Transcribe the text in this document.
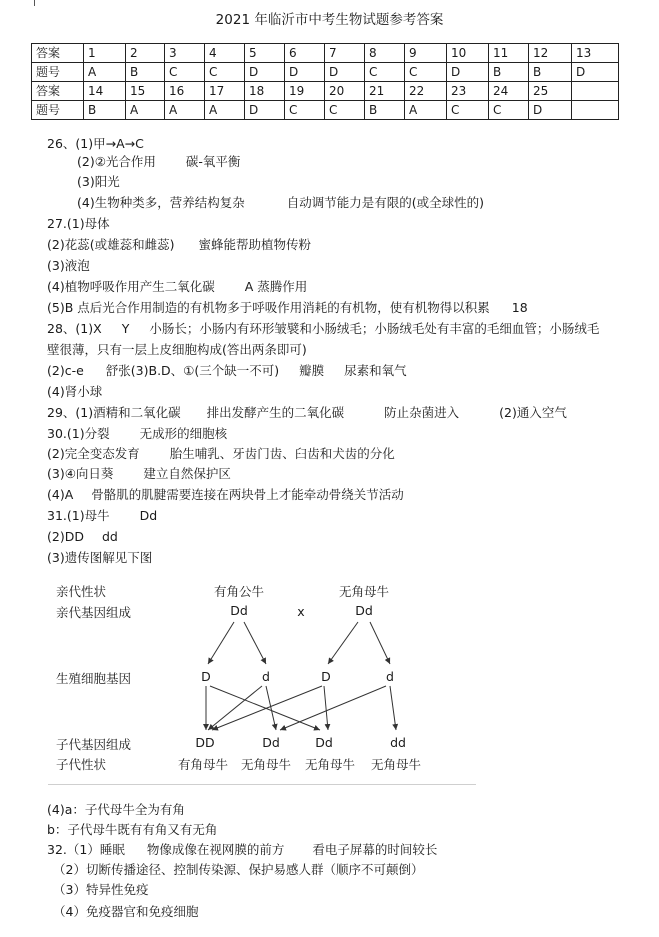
2021 年临沂市中考生物试题参考答案
答案	1	2	3	4	5	6	7	8	9	10	11	12	13
题号	A	B	C	C	D	D	D	C	C	D	B	B	D
答案	14	15	16	17	18	19	20	21	22	23	24	25	
题号	B	A	A	A	D	C	C	B	A	C	C	D	
26、(1)甲→A→C
(2)②光合作用 碳-氧平衡
(3)阳光
(4)生物种类多，营养结构复杂	自动调节能力是有限的(或全球性的)
27.(1)母体
(2)花蕊(或雄蕊和雌蕊) 蜜蜂能帮助植物传粉
(3)液泡
(4)植物呼吸作用产生二氧化碳 A 蒸腾作用
(5)B 点后光合作用制造的有机物多于呼吸作用消耗的有机物，使有机物得以积累 18
28、(1)X Y 小肠长；小肠内有环形皱襞和小肠绒毛；小肠绒毛处有丰富的毛细血管；小肠绒毛
壁很薄，只有一层上皮细胞构成(答出两条即可)
(2)c-e 舒张(3)B.D、①(三个缺一不可) 瓣膜 尿素和氧气
(4)肾小球
29、(1)酒精和二氧化碳 排出发酵产生的二氧化碳	防止杂菌进入	(2)通入空气
30.(1)分裂 无成形的细胞核
(2)完全变态发育 胎生哺乳、牙齿门齿、臼齿和犬齿的分化
(3)④向日葵 建立自然保护区
(4)A 骨骼肌的肌腱需要连接在两块骨上才能牵动骨绕关节活动
31.(1)母牛 Dd
(2)DD dd
(3)遗传图解见下图
(4)a：子代母牛全为有角
b：子代母牛既有有角又有无角
32.（1）睡眠 物像成像在视网膜的前方 看电子屏幕的时间较长
（2）切断传播途径、控制传染源、保护易感人群（顺序不可颠倒）
（3）特异性免疫
（4）免疫器官和免疫细胞
亲代性状
亲代基因组成
生殖细胞基因
子代基因组成
子代性状
有角公牛	无角母牛
Dd	Dd
x
D	d	D	d
DD	Dd	Dd	dd
有角母牛 无角母牛 无角母牛 无角母牛
